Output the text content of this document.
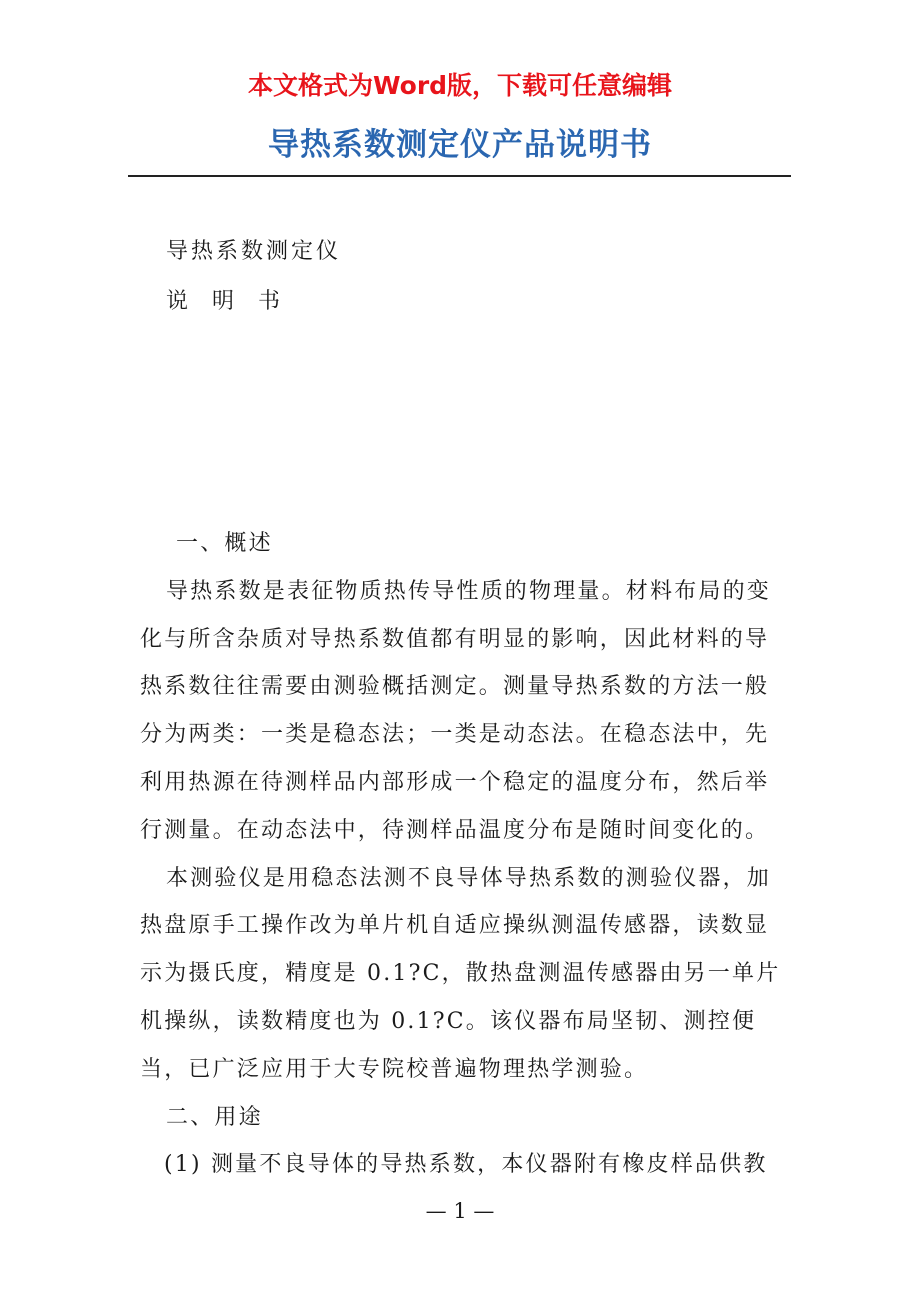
本文格式为Word版，下载可任意编辑
导热系数测定仪产品说明书

导热系数测定仪

说明书

一、概述

导热系数是表征物质热传导性质的物理量。材料布局的变化与所含杂质对导热系数值都有明显的影响，因此材料的导热系数往往需要由测验概括测定。测量导热系数的方法一般分为两类：一类是稳态法；一类是动态法。在稳态法中，先利用热源在待测样品内部形成一个稳定的温度分布，然后举行测量。在动态法中，待测样品温度分布是随时间变化的。

本测验仪是用稳态法测不良导体导热系数的测验仪器，加热盘原手工操作改为单片机自适应操纵测温传感器，读数显示为摄氏度，精度是 0.1?C，散热盘测温传感器由另一单片机操纵，读数精度也为 0.1?C。该仪器布局坚韧、测控便当，已广泛应用于大专院校普遍物理热学测验。

二、用途

(1) 测量不良导体的导热系数，本仪器附有橡皮样品供教

— 1 —
